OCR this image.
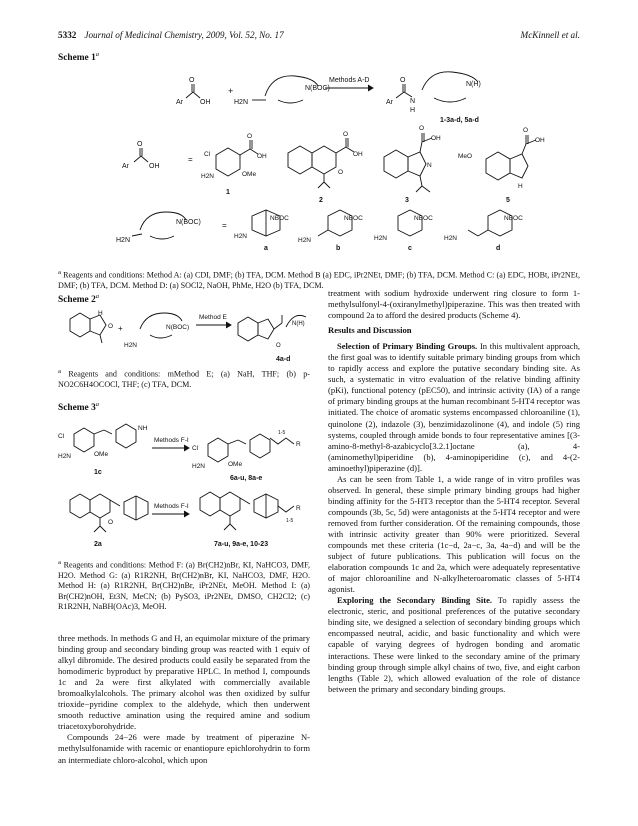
5332 Journal of Medicinal Chemistry, 2009, Vol. 52, No. 17	McKinnell et al.
Scheme 1$^a$
O
Ar OH
+
H2N
N(BOC)
Methods A-D	O
Ar N
H
N(H)
1-3a-d, 5a-d
O
Ar	OH
=
O
OH
Cl
H2N	OMe
1
O
OH
O
2
O
OH
N
3
O
OH
MeO
H
5
H2N
N(BOC)	=
NBOC
H2N
a
NBOC
H2N
b
NBOC
H2N
c
NBOC
H2N
d
$^a$ Reagents and conditions: Method A: (a) CDI, DMF; (b) TFA, DCM. Method B (a) EDC, iPr2NEt, DMF; (b) TFA, DCM. Method C: (a) EDC, HOBt, iPr2NEt, DMF; (b) TFA, DCM. Method D: (a) SOCl2, NaOH, PhMe, H2O (b) TFA, DCM.
Scheme 2$^a$
O
H
+
H2N
N(BOC)
Method E
N(H)
O
4a-d
$^a$ Reagents and conditions: mMethod E; (a) NaH, THF; (b) p-NO2C6H4OCOCl, THF; (c) TFA, DCM.
Scheme 3$^a$
Cl
H2N	OMe
NH
1c
Methods F-I
Cl
H2N	OMe
R
1-5
6a-u, 8a-e
O
2a
Methods F-I	R
1-5
7a-u, 9a-e, 10-23
$^a$ Reagents and conditions: Method F: (a) Br(CH2)nBr, KI, NaHCO3, DMF, H2O. Method G: (a) R1R2NH, Br(CH2)nBr, KI, NaHCO3, DMF, H2O. Method H: (a) R1R2NH, Br(CH2)nBr, iPr2NEt, MeOH. Method I: (a) Br(CH2)nOH, Et3N, MeCN; (b) PySO3, iPr2NEt, DMSO, CH2Cl2; (c) R1R2NH, NaBH(OAc)3, MeOH.

three methods. In methods G and H, an equimolar mixture of the primary binding group and secondary binding group was reacted with 1 equiv of alkyl dibromide. The desired products could easily be separated from the homodimeric byproduct by preparative HPLC. In method I, compounds 1c and 2a were first alkylated with commercially available bromoalkylalcohols. The primary alcohol was then oxidized by sulfur trioxide−pyridine complex to the aldehyde, which then underwent smooth reductive amination using the required amine and sodium triacetoxyborohydride.

Compounds 24−26 were made by treatment of piperazine N-methylsulfonamide with racemic or enantiopure epichlorohydrin to form an intermediate chloro-alcohol, which upon

treatment with sodium hydroxide underwent ring closure to form 1-methylsulfonyl-4-(oxiranylmethyl)piperazine. This was then treated with compound 2a to afford the desired products (Scheme 4).

Results and Discussion

Selection of Primary Binding Groups. In this multivalent approach, the first goal was to identify suitable primary binding groups from which to rapidly access and explore the putative secondary binding site. As such, a systematic in vitro evaluation of the relative binding affinity (pKi), functional potency (pEC50), and intrinsic activity (IA) of a range of primary binding groups at the human recombinant 5-HT4 receptor was initiated. The choice of aromatic systems encompassed chloroaniline (1), quinolone (2), indazole (3), benzimidazolinone (4), and indole (5) ring systems, coupled through amide bonds to four representative amines [(3-amino-8-methyl-8-azabicyclo[3.2.1]octane (a), 4-(aminomethyl)piperidine (b), 4-aminopiperidine (c), and 4-(2-aminoethyl)piperazine (d)].

As can be seen from Table 1, a wide range of in vitro profiles was observed. In general, these simple primary binding groups had higher binding affinity for the 5-HT3 receptor than the 5-HT4 receptor. Several compounds (3b, 5c, 5d) were antagonists at the 5-HT4 receptor and were removed from further consideration. Of the remaining compounds, those with intrinsic activity greater than 90% were prioritized. Several compounds met these criteria (1c−d, 2a−c, 3a, 4a−d) and will be the subject of future publications. This publication will focus on the elaboration compounds 1c and 2a, which were adequately representative of major chloroaniline and N-alkylheteroaromatic classes of 5-HT4 agonist.

Exploring the Secondary Binding Site. To rapidly assess the electronic, steric, and positional preferences of the putative secondary binding site, we designed a selection of secondary binding groups which encompassed neutral, acidic, and basic functionality and which were capable of varying degrees of hydrogen bonding and aromatic interactions. These were linked to the secondary amine of the primary binding group through simple alkyl chains of two, five, and eight carbon lengths (Table 2), which allowed evaluation of the role of distance between the primary and secondary binding groups.
